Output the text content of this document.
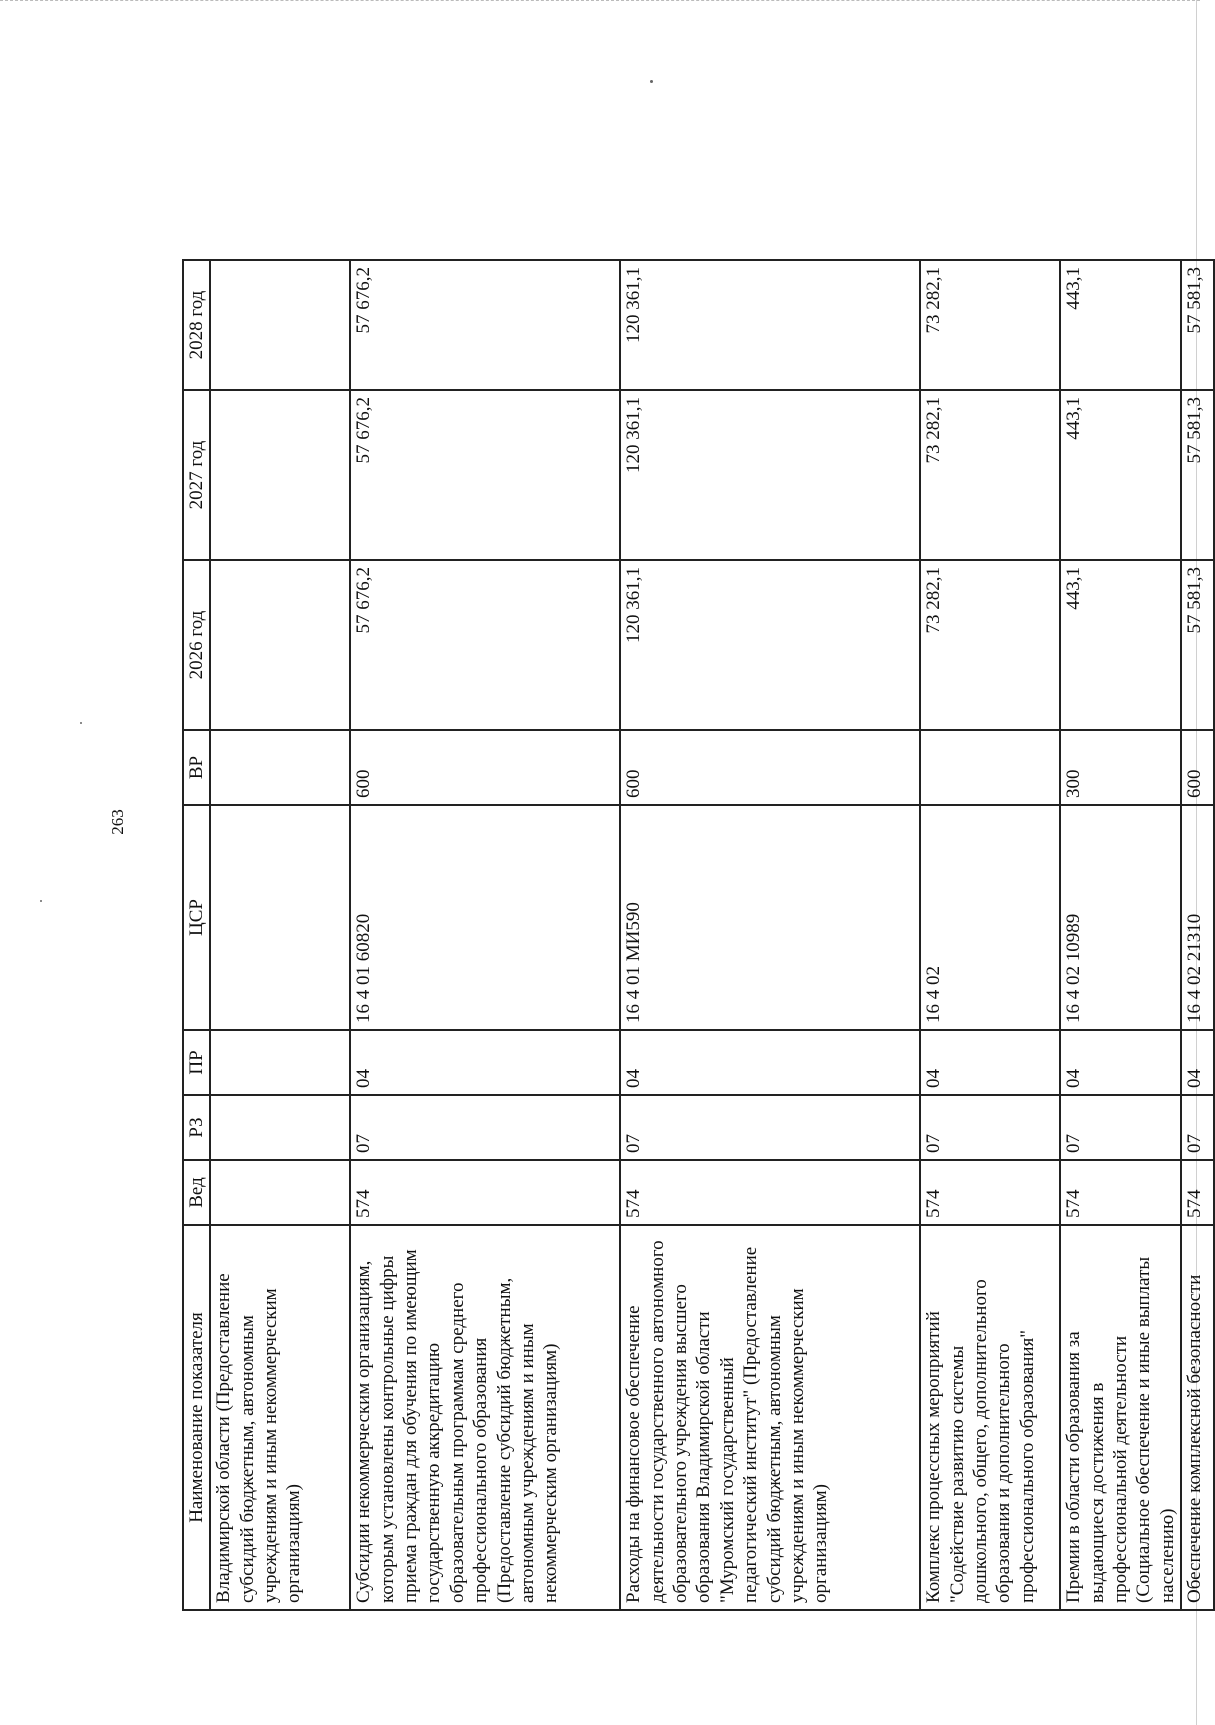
263
Наименование показателя	Вед	РЗ	ПР	ЦСР	ВР	2026 год	2027 год	2028 год
Владимирской области (Предоставление субсидий бюджетным, автономным учреждениям и иным некоммерческим организациям)								
Субсидии некоммерческим организациям, которым установлены контрольные цифры приема граждан для обучения по имеющим государственную аккредитацию образовательным программам среднего профессионального образования (Предоставление субсидий бюджетным, автономным учреждениям и иным некоммерческим организациям)	574	07	04	16 4 01 60820	600	57 676,2	57 676,2	57 676,2
Расходы на финансовое обеспечение деятельности государственного автономного образовательного учреждения высшего образования Владимирской области "Муромский государственный педагогический институт" (Предоставление субсидий бюджетным, автономным учреждениям и иным некоммерческим организациям)	574	07	04	16 4 01 МИ590	600	120 361,1	120 361,1	120 361,1
Комплекс процессных мероприятий "Содействие развитию системы дошкольного, общего, дополнительного образования и дополнительного профессионального образования"	574	07	04	16 4 02		73 282,1	73 282,1	73 282,1
Премии в области образования за выдающиеся достижения в профессиональной деятельности (Социальное обеспечение и иные выплаты населению)	574	07	04	16 4 02 10989	300	443,1	443,1	443,1
Обеспечение комплексной безопасности	574	07	04	16 4 02 21310	600	57 581,3	57 581,3	57 581,3
